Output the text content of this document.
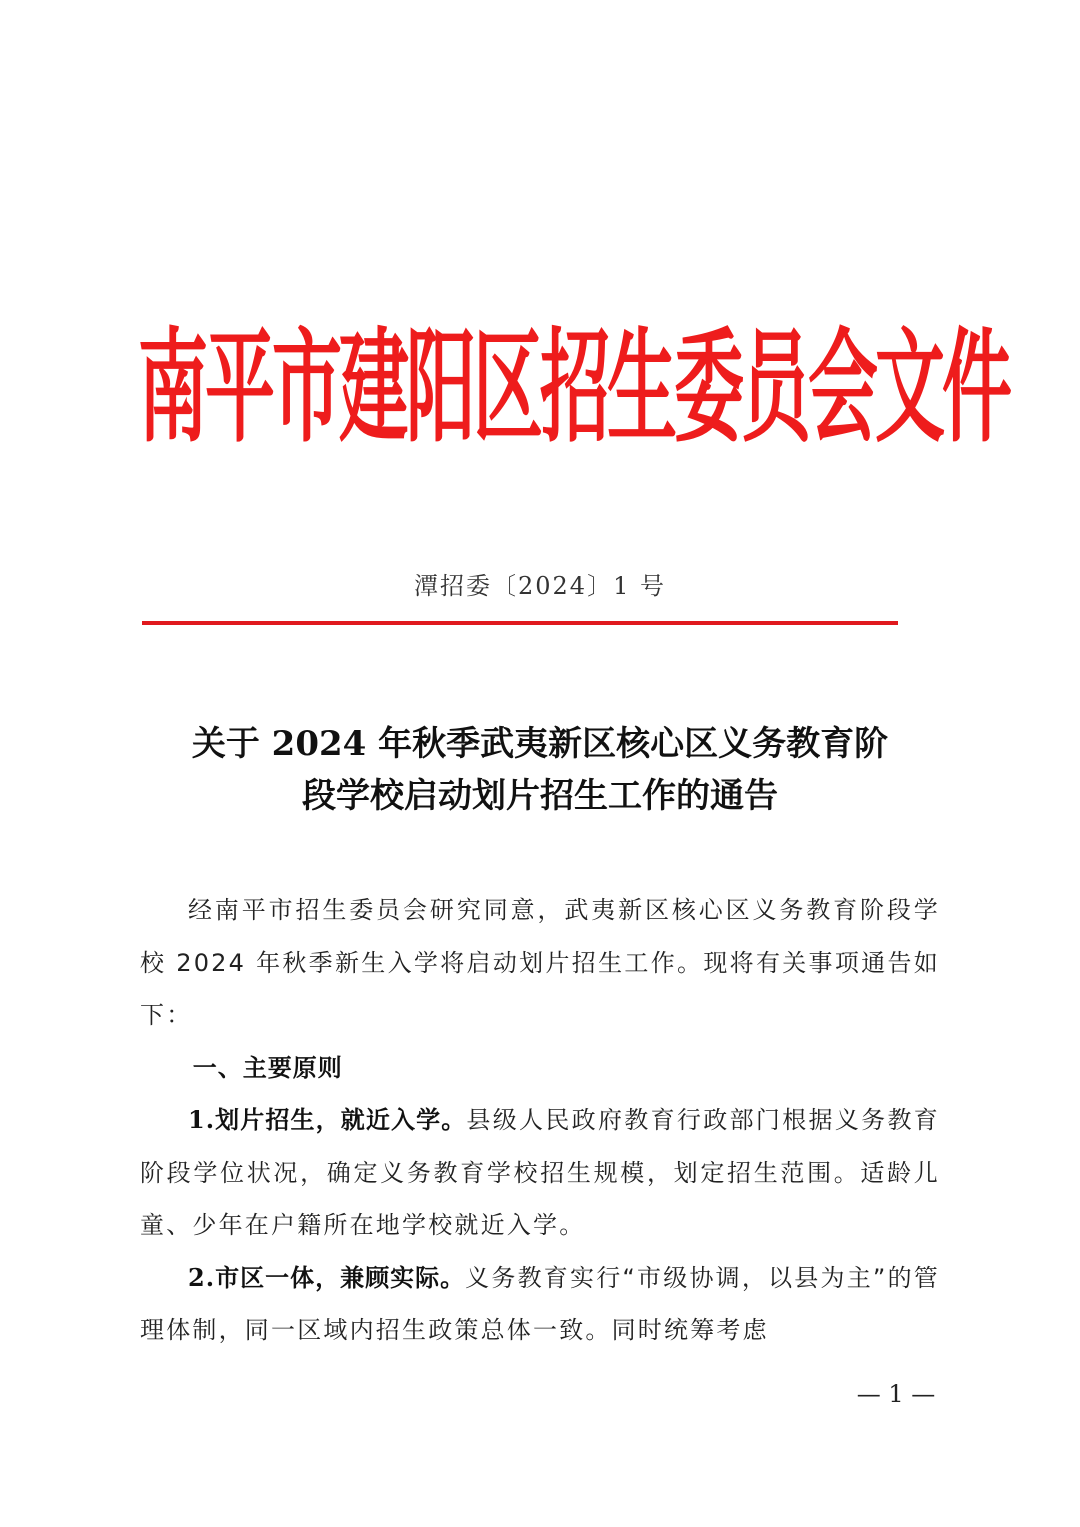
南
平
市
建
阳
区
招
生
委
员
会
文
件
潭招委〔2024〕1 号
关于 2024 年秋季武夷新区核心区义务教育阶
段学校启动划片招生工作的通告

经南平市招生委员会研究同意，武夷新区核心区义务教育阶段学校 2024 年秋季新生入学将启动划片招生工作。现将有关事项通告如下：

一、主要原则

1.划片招生，就近入学。县级人民政府教育行政部门根据义务教育阶段学位状况，确定义务教育学校招生规模，划定招生范围。适龄儿童、少年在户籍所在地学校就近入学。

2.市区一体，兼顾实际。义务教育实行“市级协调，以县为主”的管理体制，同一区域内招生政策总体一致。同时统筹考虑

— 1 —
